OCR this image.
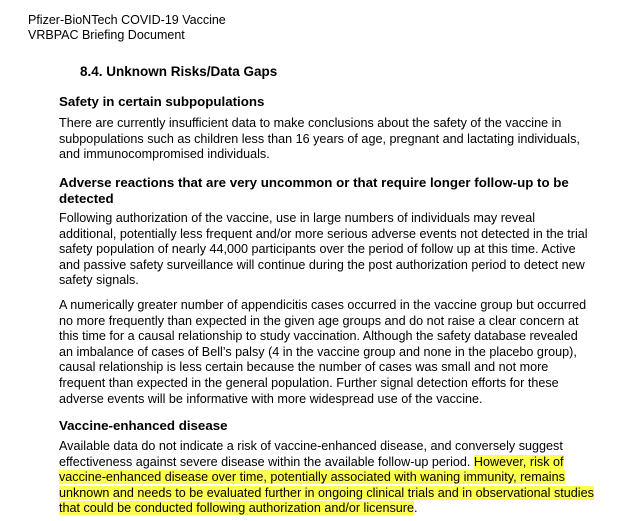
Pfizer-BioNTech COVID-19 Vaccine
VRBPAC Briefing Document
8.4. Unknown Risks/Data Gaps
Safety in certain subpopulations
There are currently insufficient data to make conclusions about the safety of the vaccine in
subpopulations such as children less than 16 years of age, pregnant and lactating individuals,
and immunocompromised individuals.
Adverse reactions that are very uncommon or that require longer follow-up to be
detected
Following authorization of the vaccine, use in large numbers of individuals may reveal
additional, potentially less frequent and/or more serious adverse events not detected in the trial
safety population of nearly 44,000 participants over the period of follow up at this time. Active
and passive safety surveillance will continue during the post authorization period to detect new
safety signals.
A numerically greater number of appendicitis cases occurred in the vaccine group but occurred
no more frequently than expected in the given age groups and do not raise a clear concern at
this time for a causal relationship to study vaccination. Although the safety database revealed
an imbalance of cases of Bell’s palsy (4 in the vaccine group and none in the placebo group),
causal relationship is less certain because the number of cases was small and not more
frequent than expected in the general population. Further signal detection efforts for these
adverse events will be informative with more widespread use of the vaccine.
Vaccine-enhanced disease
Available data do not indicate a risk of vaccine-enhanced disease, and conversely suggest
effectiveness against severe disease within the available follow-up period. However, risk of
vaccine-enhanced disease over time, potentially associated with waning immunity, remains
unknown and needs to be evaluated further in ongoing clinical trials and in observational studies
that could be conducted following authorization and/or licensure.
